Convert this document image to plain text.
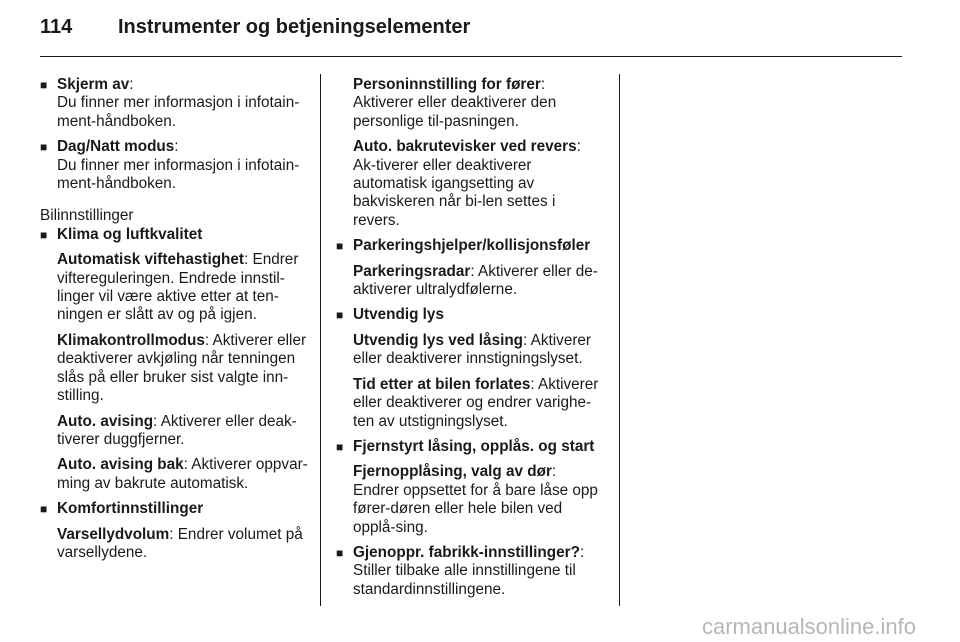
114 Instrumenter og betjeningselementer
■ Skjerm av:
Du finner mer informasjon i infotain-ment-håndboken.
■ Dag/Natt modus:
Du finner mer informasjon i infotain-ment-håndboken.
Bilinnstillinger
■ Klima og luftkvalitet
Automatisk viftehastighet: Endrer viftereguleringen. Endrede innstil-linger vil være aktive etter at ten-ningen er slått av og på igjen.
Klimakontrollmodus: Aktiverer eller deaktiverer avkjøling når tenningen slås på eller bruker sist valgte inn-stilling.
Auto. avising: Aktiverer eller deak-tiverer duggfjerner.
Auto. avising bak: Aktiverer oppvar-ming av bakrute automatisk.
■ Komfortinnstillinger
Varsellydvolum: Endrer volumet på varsellydene.
Personinnstilling for fører: Aktiverer eller deaktiverer den personlige til-pasningen.
Auto. bakrutevisker ved revers: Ak-tiverer eller deaktiverer automatisk igangsetting av bakviskeren når bi-len settes i revers.
■ Parkeringshjelper/kollisjonsføler
Parkeringsradar: Aktiverer eller de-aktiverer ultralydfølerne.
■ Utvendig lys
Utvendig lys ved låsing: Aktiverer eller deaktiverer innstigningslyset.
Tid etter at bilen forlates: Aktiverer eller deaktiverer og endrer varighe-ten av utstigningslyset.
■ Fjernstyrt låsing, opplås. og start
Fjernopplåsing, valg av dør: Endrer oppsettet for å bare låse opp fører-døren eller hele bilen ved opplå-sing.
■ Gjenoppr. fabrikk-innstillinger?:
Stiller tilbake alle innstillingene til standardinnstillingene.
carmanualsonline.info
